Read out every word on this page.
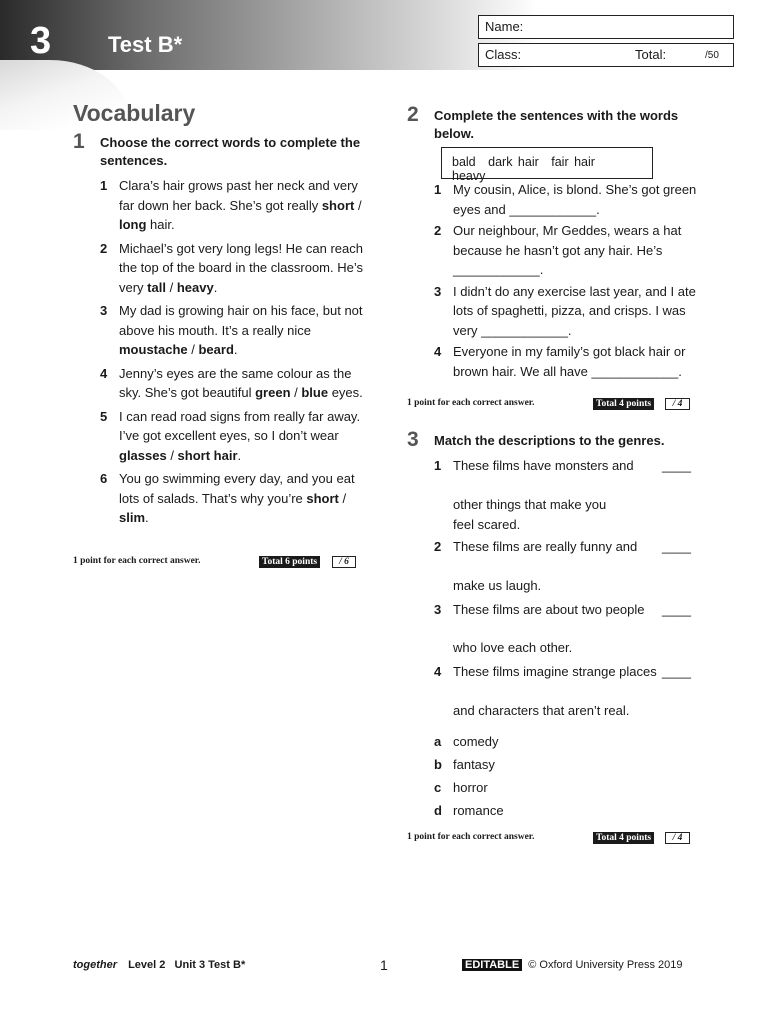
3	Test B*
Name:
Class:	Total:	/50
Vocabulary
1 Choose the correct words to complete the sentences.
1 Clara’s hair grows past her neck and very far down her back. She’s got really short / long hair.
2 Michael’s got very long legs! He can reach the top of the board in the classroom. He’s very tall / heavy.
3 My dad is growing hair on his face, but not above his mouth. It’s a really nice moustache / beard.
4 Jenny’s eyes are the same colour as the sky. She’s got beautiful green / blue eyes.
5 I can read road signs from really far away. I’ve got excellent eyes, so I don’t wear glasses / short hair.
6 You go swimming every day, and you eat lots of salads. That’s why you’re short / slim.
1 point for each correct answer.	Total 6 points	/ 6
2 Complete the sentences with the words below.
bald dark hair fair hair heavy
1 My cousin, Alice, is blond. She’s got green eyes and ____________.
2 Our neighbour, Mr Geddes, wears a hat because he hasn’t got any hair. He’s ____________.
3 I didn’t do any exercise last year, and I ate lots of spaghetti, pizza, and crisps. I was very ____________.
4 Everyone in my family’s got black hair or brown hair. We all have ____________.
1 point for each correct answer.	Total 4 points	/ 4
3 Match the descriptions to the genres.
1 These films have monsters and	____
other things that make you feel scared.
2 These films are really funny and	____
make us laugh.
3 These films are about two people	____
who love each other.
4 These films imagine strange places ____
and characters that aren’t real.
a comedy
b fantasy
c horror
d romance
1 point for each correct answer.	Total 4 points	/ 4
together Level 2 Unit 3 Test B*	1	EDITABLE © Oxford University Press 2019
